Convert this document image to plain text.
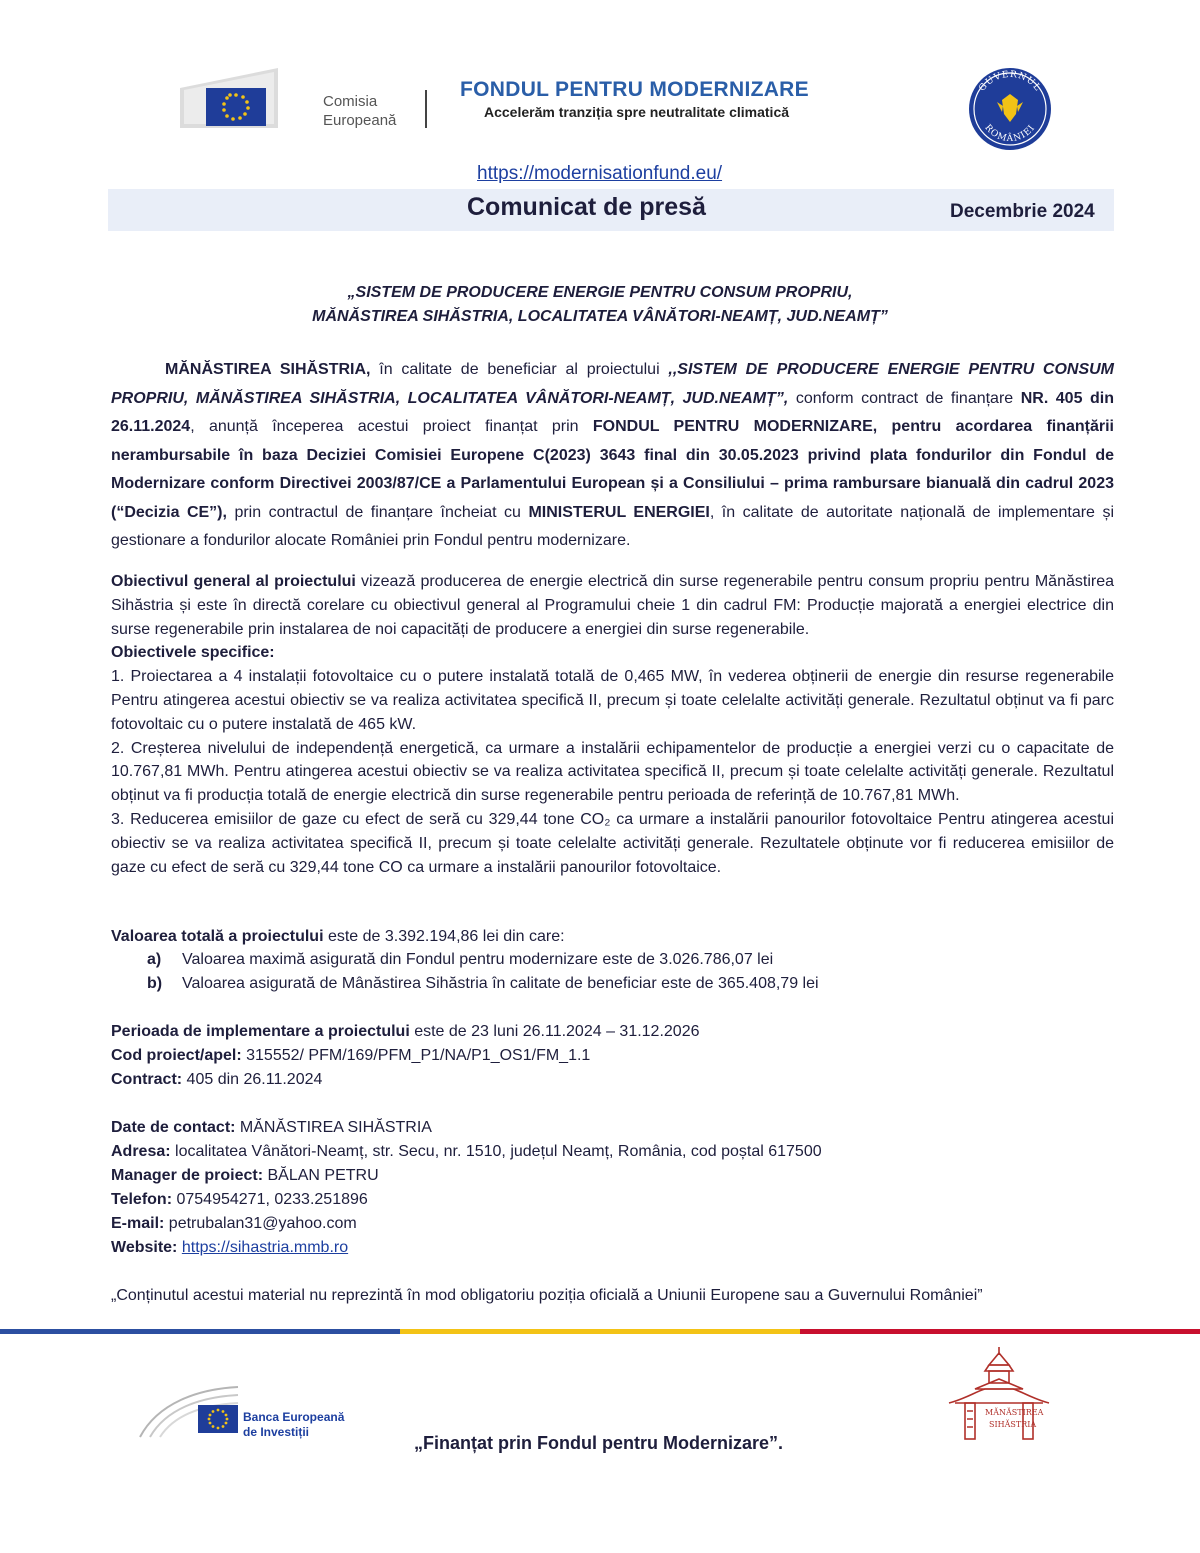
Comisia
Europeană
FONDUL PENTRU MODERNIZARE
Accelerăm tranziția spre neutralitate climatică
GUVERNUL
ROMÂNIEI
https://modernisationfund.eu/
Comunicat de presă	Decembrie 2024
„SISTEM DE PRODUCERE ENERGIE PENTRU CONSUM PROPRIU,
MĂNĂSTIREA SIHĂSTRIA, LOCALITATEA VÂNĂTORI-NEAMȚ, JUD.NEAMȚ”
MĂNĂSTIREA SIHĂSTRIA, în calitate de beneficiar al proiectului ,,SISTEM DE PRODUCERE ENERGIE PENTRU CONSUM PROPRIU, MĂNĂSTIREA SIHĂSTRIA, LOCALITATEA VÂNĂTORI-NEAMȚ, JUD.NEAMȚ”, conform contract de finanțare NR. 405 din 26.11.2024, anunță începerea acestui proiect finanțat prin FONDUL PENTRU MODERNIZARE, pentru acordarea finanțării nerambursabile în baza Deciziei Comisiei Europene C(2023) 3643 final din 30.05.2023 privind plata fondurilor din Fondul de Modernizare conform Directivei 2003/87/CE a Parlamentului European și a Consiliului – prima rambursare bianuală din cadrul 2023 (“Decizia CE”), prin contractul de finanțare încheiat cu MINISTERUL ENERGIEI, în calitate de autoritate națională de implementare și gestionare a fondurilor alocate României prin Fondul pentru modernizare.
Obiectivul general al proiectului vizează producerea de energie electrică din surse regenerabile pentru consum propriu pentru Mănăstirea Sihăstria și este în directă corelare cu obiectivul general al Programului cheie 1 din cadrul FM: Producție majorată a energiei electrice din surse regenerabile prin instalarea de noi capacități de producere a energiei din surse regenerabile.
Obiectivele specifice:
1. Proiectarea a 4 instalații fotovoltaice cu o putere instalată totală de 0,465 MW, în vederea obținerii de energie din resurse regenerabile Pentru atingerea acestui obiectiv se va realiza activitatea specifică II, precum și toate celelalte activități generale. Rezultatul obținut va fi parc fotovoltaic cu o putere instalată de 465 kW.
2. Creșterea nivelului de independență energetică, ca urmare a instalării echipamentelor de producție a energiei verzi cu o capacitate de 10.767,81 MWh. Pentru atingerea acestui obiectiv se va realiza activitatea specifică II, precum și toate celelalte activități generale. Rezultatul obținut va fi producția totală de energie electrică din surse regenerabile pentru perioada de referință de 10.767,81 MWh.
3. Reducerea emisiilor de gaze cu efect de seră cu 329,44 tone CO₂ ca urmare a instalării panourilor fotovoltaice Pentru atingerea acestui obiectiv se va realiza activitatea specifică II, precum și toate celelalte activități generale. Rezultatele obținute vor fi reducerea emisiilor de gaze cu efect de seră cu 329,44 tone CO ca urmare a instalării panourilor fotovoltaice.
Valoarea totală a proiectului este de 3.392.194,86 lei din care:
a) Valoarea maximă asigurată din Fondul pentru modernizare este de 3.026.786,07 lei
b) Valoarea asigurată de Mânăstirea Sihăstria în calitate de beneficiar este de 365.408,79 lei
Perioada de implementare a proiectului este de 23 luni 26.11.2024 – 31.12.2026
Cod proiect/apel: 315552/ PFM/169/PFM_P1/NA/P1_OS1/FM_1.1
Contract: 405 din 26.11.2024
Date de contact: MĂNĂSTIREA SIHĂSTRIA
Adresa: localitatea Vânători-Neamț, str. Secu, nr. 1510, județul Neamț, România, cod poștal 617500
Manager de proiect: BĂLAN PETRU
Telefon: 0754954271, 0233.251896
E-mail: petrubalan31@yahoo.com
Website: https://sihastria.mmb.ro
„Conținutul acestui material nu reprezintă în mod obligatoriu poziția oficială a Uniunii Europene sau a Guvernului României”
Banca Europeană
de Investiții
„Finanțat prin Fondul pentru Modernizare”.
MĂNĂSTIREA
SIHĂSTRIA
